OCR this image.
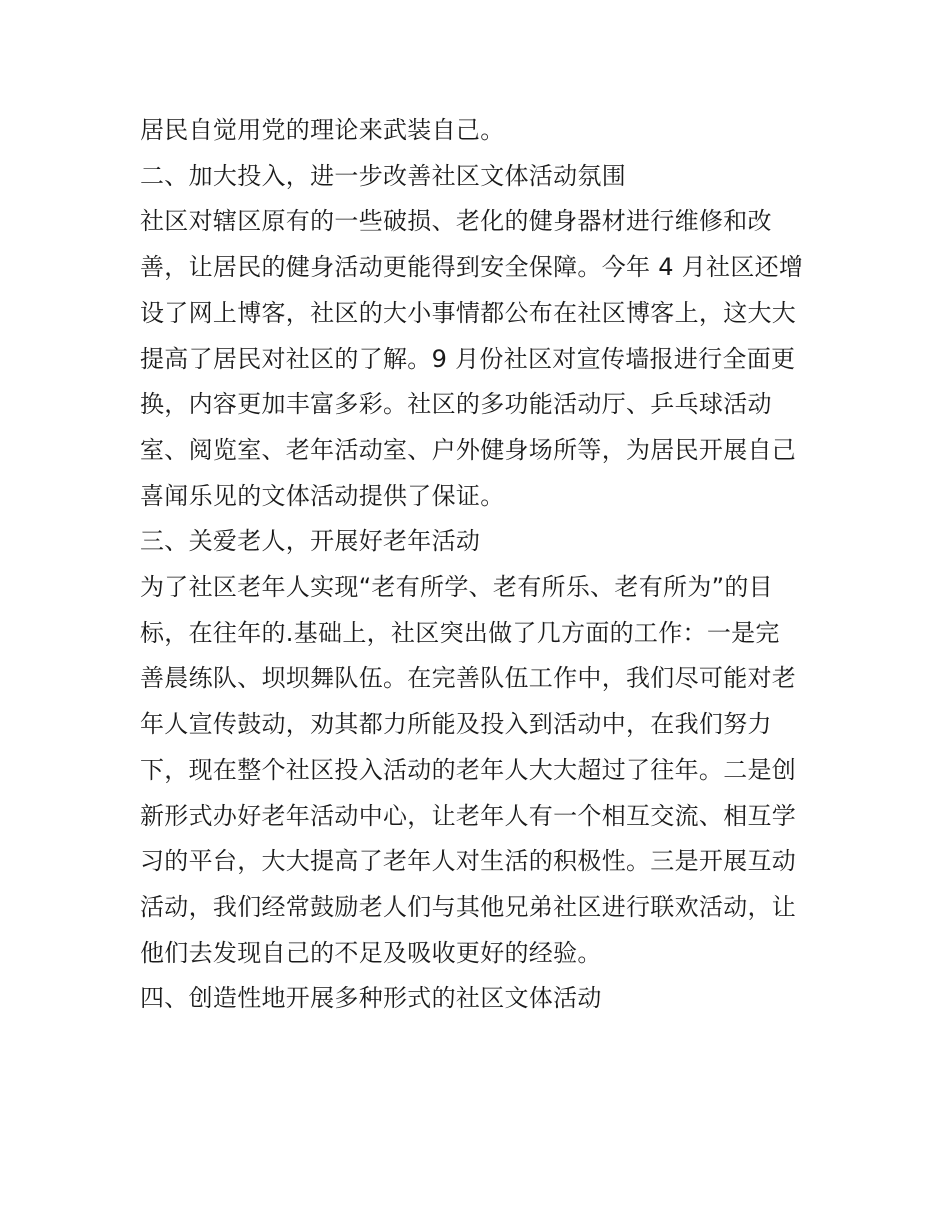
居民自觉用党的理论来武装自己。
二、加大投入，进一步改善社区文体活动氛围
社区对辖区原有的一些破损、老化的健身器材进行维修和改
善，让居民的健身活动更能得到安全保障。今年 4 月社区还增
设了网上博客，社区的大小事情都公布在社区博客上，这大大
提高了居民对社区的了解。9 月份社区对宣传墙报进行全面更
换，内容更加丰富多彩。社区的多功能活动厅、乒乓球活动
室、阅览室、老年活动室、户外健身场所等，为居民开展自己
喜闻乐见的文体活动提供了保证。
三、关爱老人，开展好老年活动
为了社区老年人实现“老有所学、老有所乐、老有所为”的目
标，在往年的.基础上，社区突出做了几方面的工作：一是完
善晨练队、坝坝舞队伍。在完善队伍工作中，我们尽可能对老
年人宣传鼓动，劝其都力所能及投入到活动中，在我们努力
下，现在整个社区投入活动的老年人大大超过了往年。二是创
新形式办好老年活动中心，让老年人有一个相互交流、相互学
习的平台，大大提高了老年人对生活的积极性。三是开展互动
活动，我们经常鼓励老人们与其他兄弟社区进行联欢活动，让
他们去发现自己的不足及吸收更好的经验。
四、创造性地开展多种形式的社区文体活动
